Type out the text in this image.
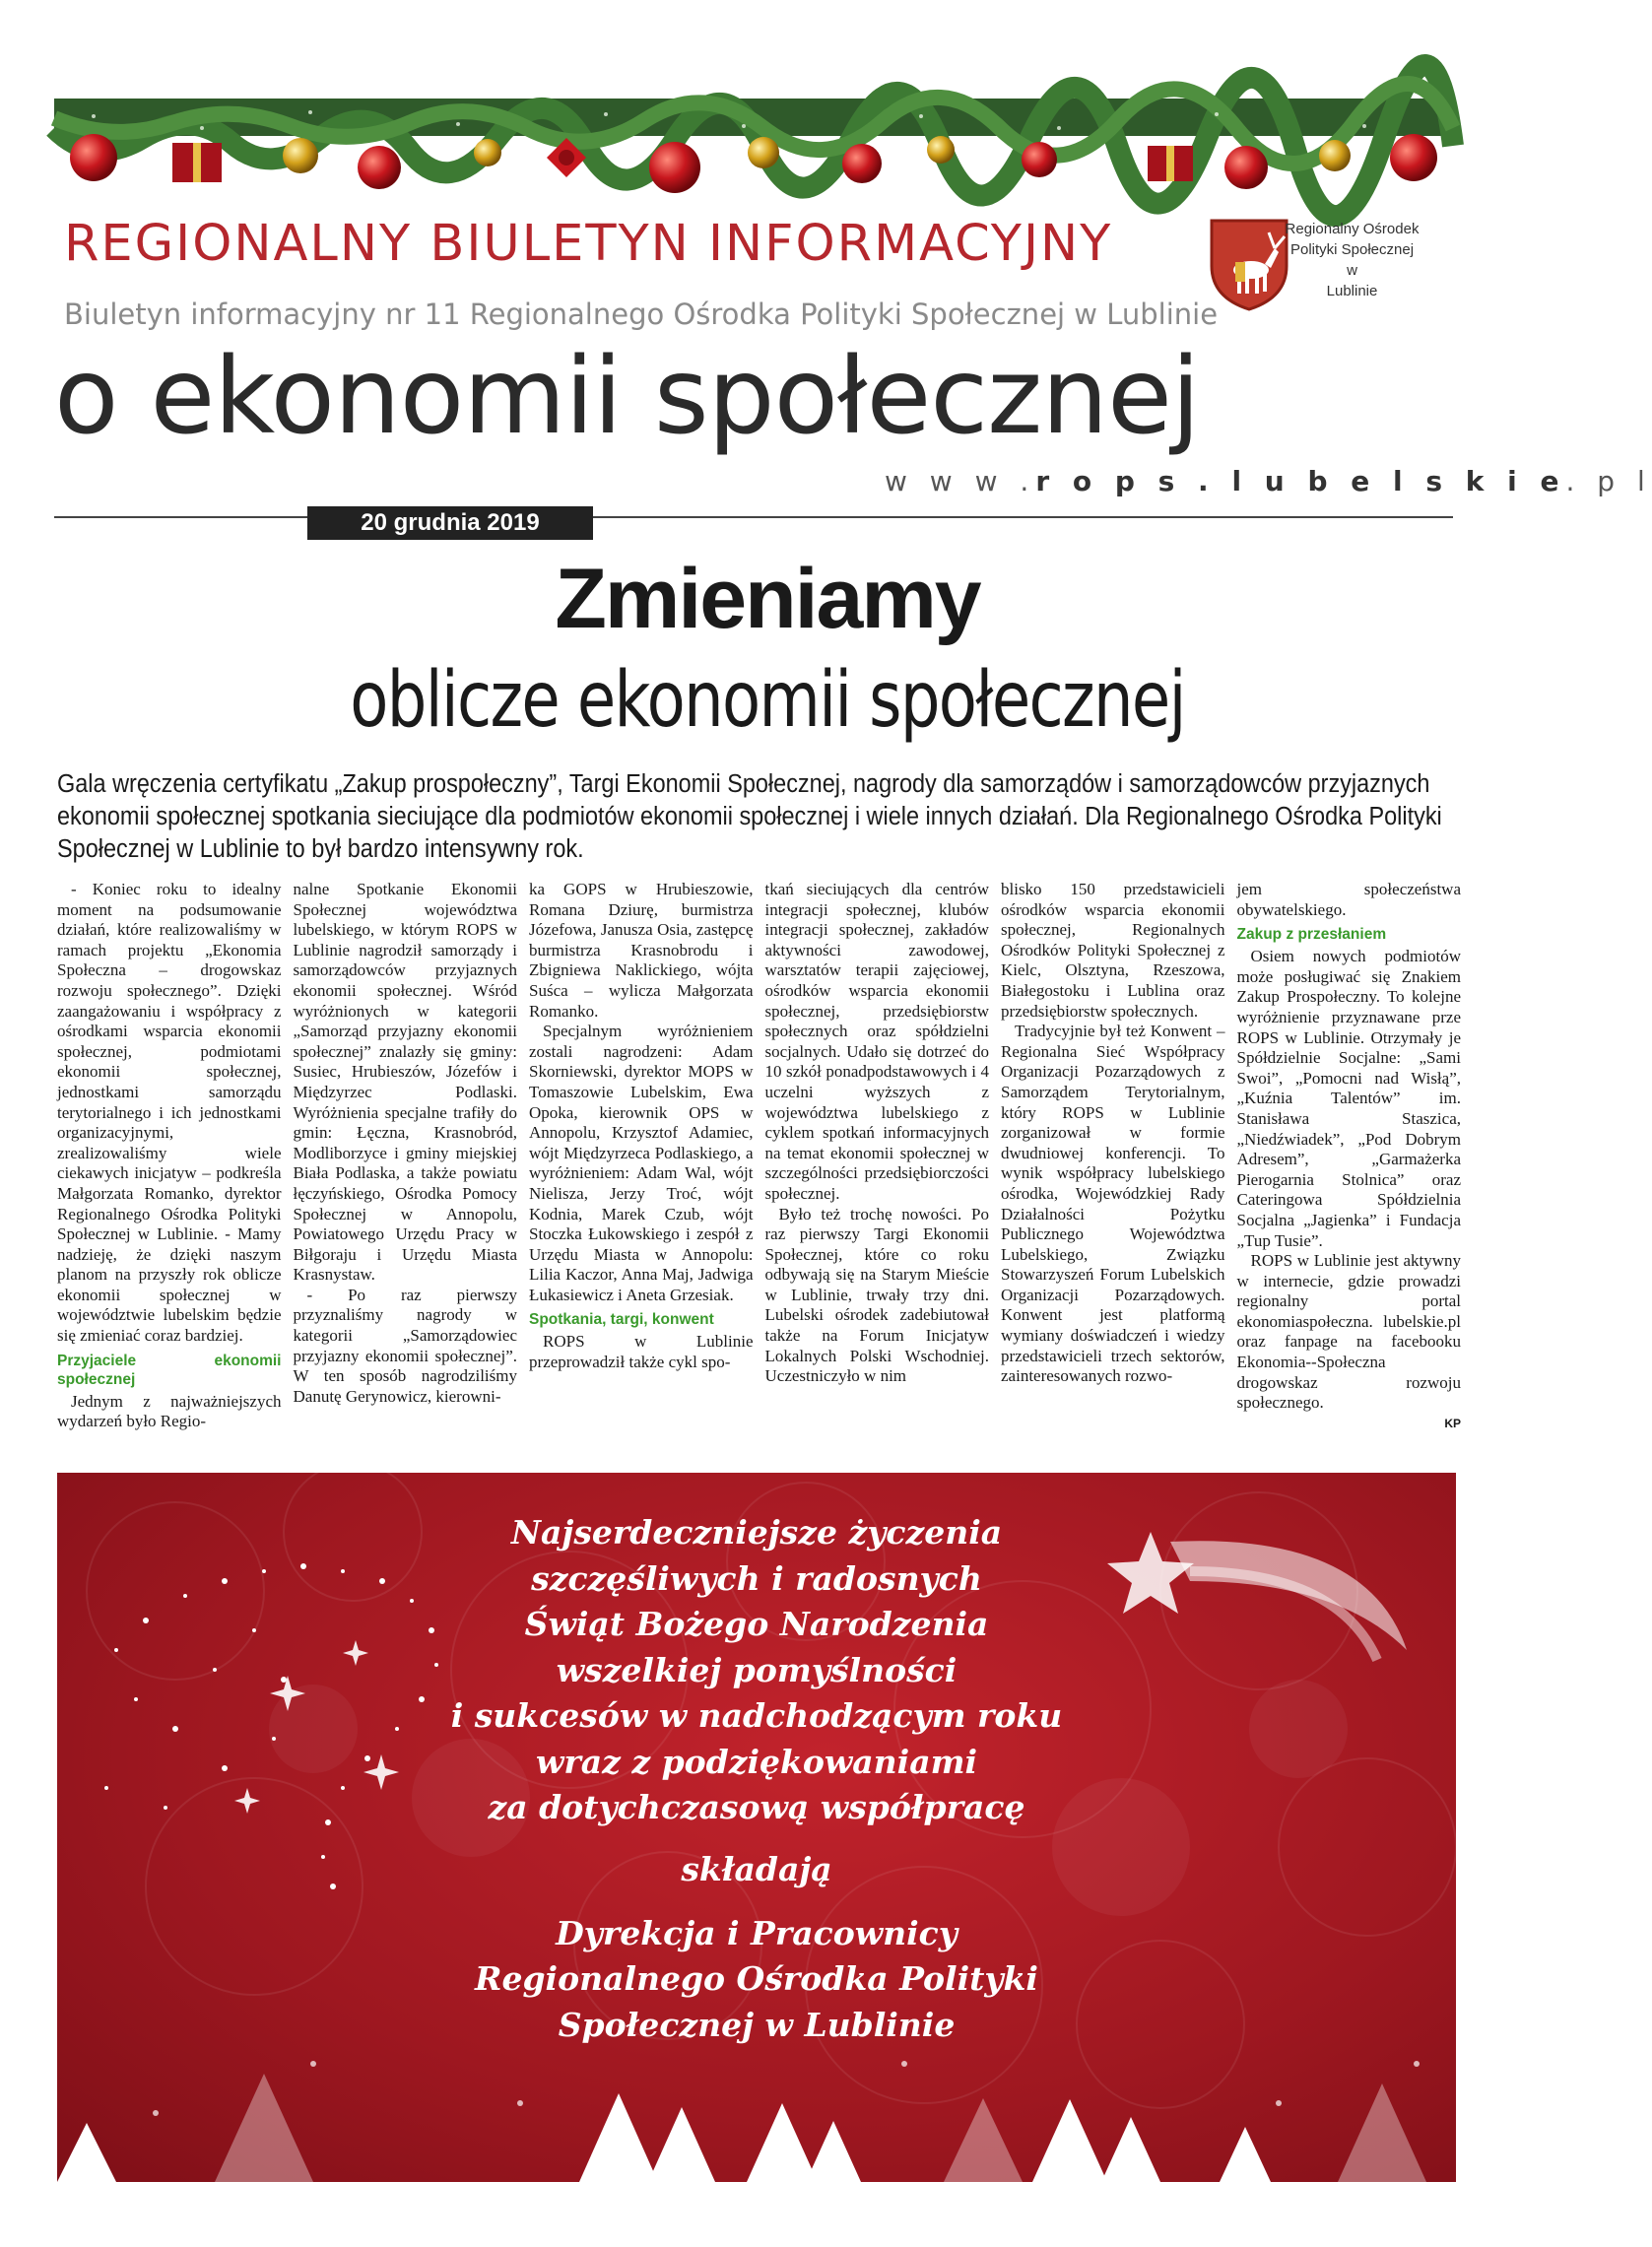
REGIONALNY BIULETYN INFORMACYJNY
Biuletyn informacyjny nr 11 Regionalnego Ośrodka Polityki Społecznej w Lublinie
o ekonomii społecznej
w w w .r o p s . l u b e l s k i e. p l
20 grudnia 2019
Regionalny Ośrodek
Polityki Społecznej
w
Lublinie
Zmieniamy
oblicze ekonomii społecznej
Gala wręczenia certyfikatu „Zakup prospołeczny”, Targi Ekonomii Społecznej, nagrody dla samorządów i samorządowców przyjaznych ekonomii społecznej spotkania sieciujące dla podmiotów ekonomii społecznej i wiele innych działań. Dla Regionalnego Ośrodka Polityki Społecznej w Lublinie to był bardzo intensywny rok.

- Koniec roku to idealny moment na podsumowanie działań, które realizowaliśmy w ramach projektu „Ekonomia Społeczna – drogowskaz rozwoju społecznego”. Dzięki zaangażowaniu i współpracy z ośrodkami wsparcia ekonomii społecznej, podmiotami ekonomii społecznej, jednostkami samorządu terytorialnego i ich jednostkami organizacyjnymi, zrealizowaliśmy wiele ciekawych inicjatyw – podkreśla Małgorzata Romanko, dyrektor Regionalnego Ośrodka Polityki Społecznej w Lublinie. - Mamy nadzieję, że dzięki naszym planom na przyszły rok oblicze ekonomii społecznej w województwie lubelskim będzie się zmieniać coraz bardziej.

Przyjaciele ekonomii społecznej

Jednym z najważniejszych wydarzeń było Regio-

nalne Spotkanie Ekonomii Społecznej województwa lubelskiego, w którym ROPS w Lublinie nagrodził samorządy i samorządowców przyjaznych ekonomii społecznej. Wśród wyróżnionych w kategorii „Samorząd przyjazny ekonomii społecznej” znalazły się gminy: Susiec, Hrubieszów, Józefów i Międzyrzec Podlaski. Wyróżnienia specjalne trafiły do gmin: Łęczna, Krasnobród, Modliborzyce i gminy miejskiej Biała Podlaska, a także powiatu łęczyńskiego, Ośrodka Pomocy Społecznej w Annopolu, Powiatowego Urzędu Pracy w Biłgoraju i Urzędu Miasta Krasnystaw.

- Po raz pierwszy przyznaliśmy nagrody w kategorii „Samorządowiec przyjazny ekonomii społecznej”. W ten sposób nagrodziliśmy Danutę Gerynowicz, kierowni-

ka GOPS w Hrubieszowie, Romana Dziurę, burmistrza Józefowa, Janusza Osia, zastępcę burmistrza Krasnobrodu i Zbigniewa Naklickiego, wójta Suśca – wylicza Małgorzata Romanko.

Specjalnym wyróżnieniem zostali nagrodzeni: Adam Skorniewski, dyrektor MOPS w Tomaszowie Lubelskim, Ewa Opoka, kierownik OPS w Annopolu, Krzysztof Adamiec, wójt Międzyrzeca Podlaskiego, a wyróżnieniem: Adam Wal, wójt Nielisza, Jerzy Troć, wójt Kodnia, Marek Czub, wójt Stoczka Łukowskiego i zespół z Urzędu Miasta w Annopolu: Lilia Kaczor, Anna Maj, Jadwiga Łukasiewicz i Aneta Grzesiak.

Spotkania, targi, konwent

ROPS w Lublinie przeprowadził także cykl spo-

tkań sieciujących dla centrów integracji społecznej, klubów integracji społecznej, zakładów aktywności zawodowej, warsztatów terapii zajęciowej, ośrodków wsparcia ekonomii społecznej, przedsiębiorstw społecznych oraz spółdzielni socjalnych. Udało się dotrzeć do 10 szkół ponadpodstawowych i 4 uczelni wyższych z województwa lubelskiego z cyklem spotkań informacyjnych na temat ekonomii społecznej w szczególności przedsiębiorczości społecznej.

Było też trochę nowości. Po raz pierwszy Targi Ekonomii Społecznej, które co roku odbywają się na Starym Mieście w Lublinie, trwały trzy dni. Lubelski ośrodek zadebiutował także na Forum Inicjatyw Lokalnych Polski Wschodniej. Uczestniczyło w nim

blisko 150 przedstawicieli ośrodków wsparcia ekonomii społecznej, Regionalnych Ośrodków Polityki Społecznej z Kielc, Olsztyna, Rzeszowa, Białegostoku i Lublina oraz przedsiębiorstw społecznych.

Tradycyjnie był też Konwent – Regionalna Sieć Współpracy Organizacji Pozarządowych z Samorządem Terytorialnym, który ROPS w Lublinie zorganizował w formie dwudniowej konferencji. To wynik współpracy lubelskiego ośrodka, Wojewódzkiej Rady Działalności Pożytku Publicznego Województwa Lubelskiego, Związku Stowarzyszeń Forum Lubelskich Organizacji Pozarządowych. Konwent jest platformą wymiany doświadczeń i wiedzy przedstawicieli trzech sektorów, zainteresowanych rozwo-

jem społeczeństwa obywatelskiego.

Zakup z przesłaniem

Osiem nowych podmiotów może posługiwać się Znakiem Zakup Prospołeczny. To kolejne wyróżnienie przyznawane prze ROPS w Lublinie. Otrzymały je Spółdzielnie Socjalne: „Sami Swoi”, „Pomocni nad Wisłą”, „Kuźnia Talentów” im. Stanisława Staszica, „Niedźwiadek”, „Pod Dobrym Adresem”, „Garmażerka Pierogarnia Stolnica” oraz Cateringowa Spółdzielnia Socjalna „Jagienka” i Fundacja „Tup Tusie”.

ROPS w Lublinie jest aktywny w internecie, gdzie prowadzi regionalny portal ekonomiaspołeczna. lubelskie.pl oraz fanpage na facebooku Ekonomia--Społeczna drogowskaz rozwoju społecznego.

KP
Najserdeczniejsze życzenia
szczęśliwych i radosnych
Świąt Bożego Narodzenia
wszelkiej pomyślności
i sukcesów w nadchodzącym roku
wraz z podziękowaniami
za dotychczasową współpracę
składają
Dyrekcja i Pracownicy
Regionalnego Ośrodka Polityki
Społecznej w Lublinie
